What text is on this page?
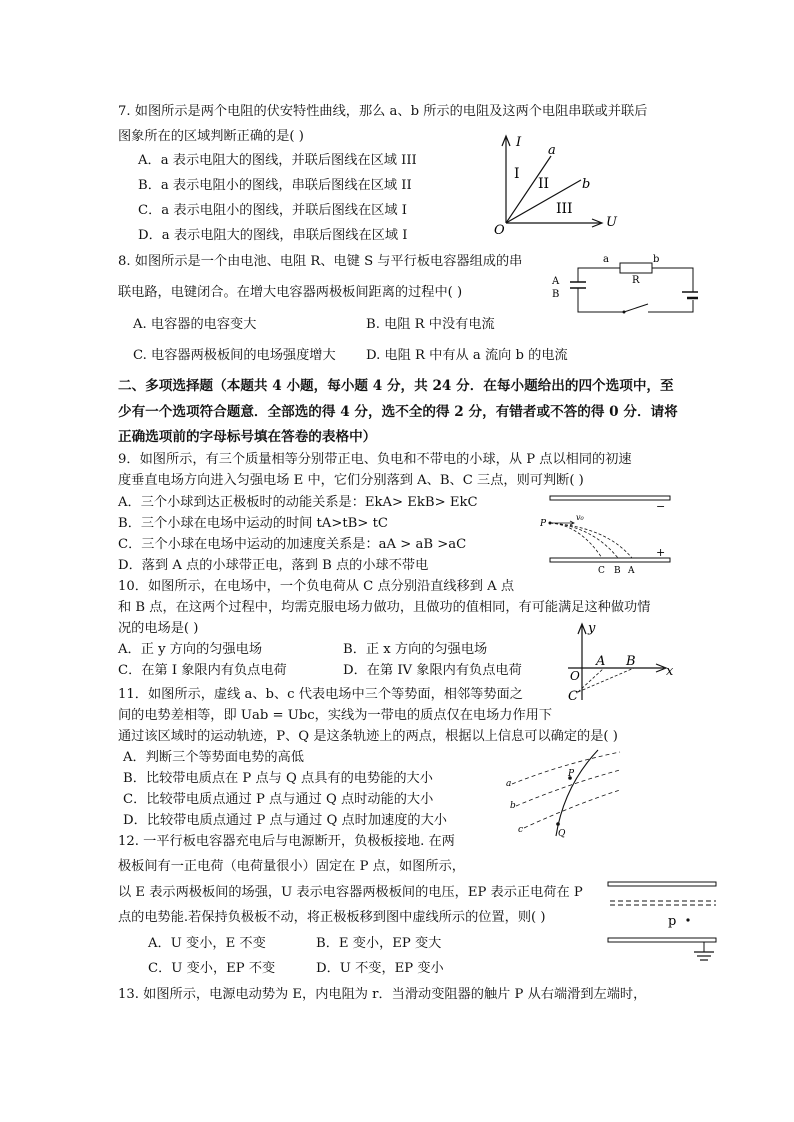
7. 如图所示是两个电阻的伏安特性曲线，那么 a、b 所示的电阻及这两个电阻串联或并联后
图象所在的区域判断正确的是( )
A．a 表示电阻大的图线，并联后图线在区域 III
B．a 表示电阻小的图线，串联后图线在区域 II
C．a 表示电阻小的图线，并联后图线在区域 I
D．a 表示电阻大的图线，串联后图线在区域 I
I
U
O
a
b
I
II
III
8. 如图所示是一个由电池、电阻 R、电键 S 与平行板电容器组成的串
联电路，电键闭合。在增大电容器两极板间距离的过程中( )
A. 电容器的电容变大	B. 电阻 R 中没有电流
C. 电容器两极板间的电场强度增大 D. 电阻 R 中有从 a 流向 b 的电流
a	b
R
A
B
二、多项选择题（本题共 4 小题，每小题 4 分，共 24 分．在每小题给出的四个选项中，至
少有一个选项符合题意．全部选的得 4 分，选不全的得 2 分，有错者或不答的得 0 分．请将
正确选项前的字母标号填在答卷的表格中）
9．如图所示，有三个质量相等分别带正电、负电和不带电的小球，从 P 点以相同的初速
度垂直电场方向进入匀强电场 E 中，它们分别落到 A、B、C 三点，则可判断( )
A．三个小球到达正极板时的动能关系是：EkA> EkB> EkC
B．三个小球在电场中运动的时间 tA>tB> tC
C．三个小球在电场中运动的加速度关系是：aA > aB >aC
D．落到 A 点的小球带正电，落到 B 点的小球不带电
P
v₀
−
+
C B A
10．如图所示，在电场中，一个负电荷从 C 点分别沿直线移到 A 点
和 B 点，在这两个过程中，均需克服电场力做功，且做功的值相同，有可能满足这种做功情
况的电场是( )
A．正 y 方向的匀强电场	B．正 x 方向的匀强电场
C．在第 I 象限内有负点电荷	D．在第 IV 象限内有负点电荷
y
x
O
A B
C
11．如图所示，虚线 a、b、c 代表电场中三个等势面，相邻等势面之
间的电势差相等，即 Uab = Ubc，实线为一带电的质点仅在电场力作用下
通过该区域时的运动轨迹，P、Q 是这条轨迹上的两点，根据以上信息可以确定的是( )
A．判断三个等势面电势的高低
B．比较带电质点在 P 点与 Q 点具有的电势能的大小
C．比较带电质点通过 P 点与通过 Q 点时动能的大小
D．比较带电质点通过 P 点与通过 Q 点时加速度的大小
a
b
c
P
Q
12. 一平行板电容器充电后与电源断开，负极板接地. 在两
极板间有一正电荷（电荷量很小）固定在 P 点，如图所示，
以 E 表示两极板间的场强，U 表示电容器两极板间的电压，EP 表示正电荷在 P
点的电势能.若保持负极板不动，将正极板移到图中虚线所示的位置，则( )
A．U 变小，E 不变	B．E 变小，EP 变大
C．U 变小，EP 不变	D．U 不变，EP 变小
p
13. 如图所示，电源电动势为 E，内电阻为 r．当滑动变阻器的触片 P 从右端滑到左端时，
